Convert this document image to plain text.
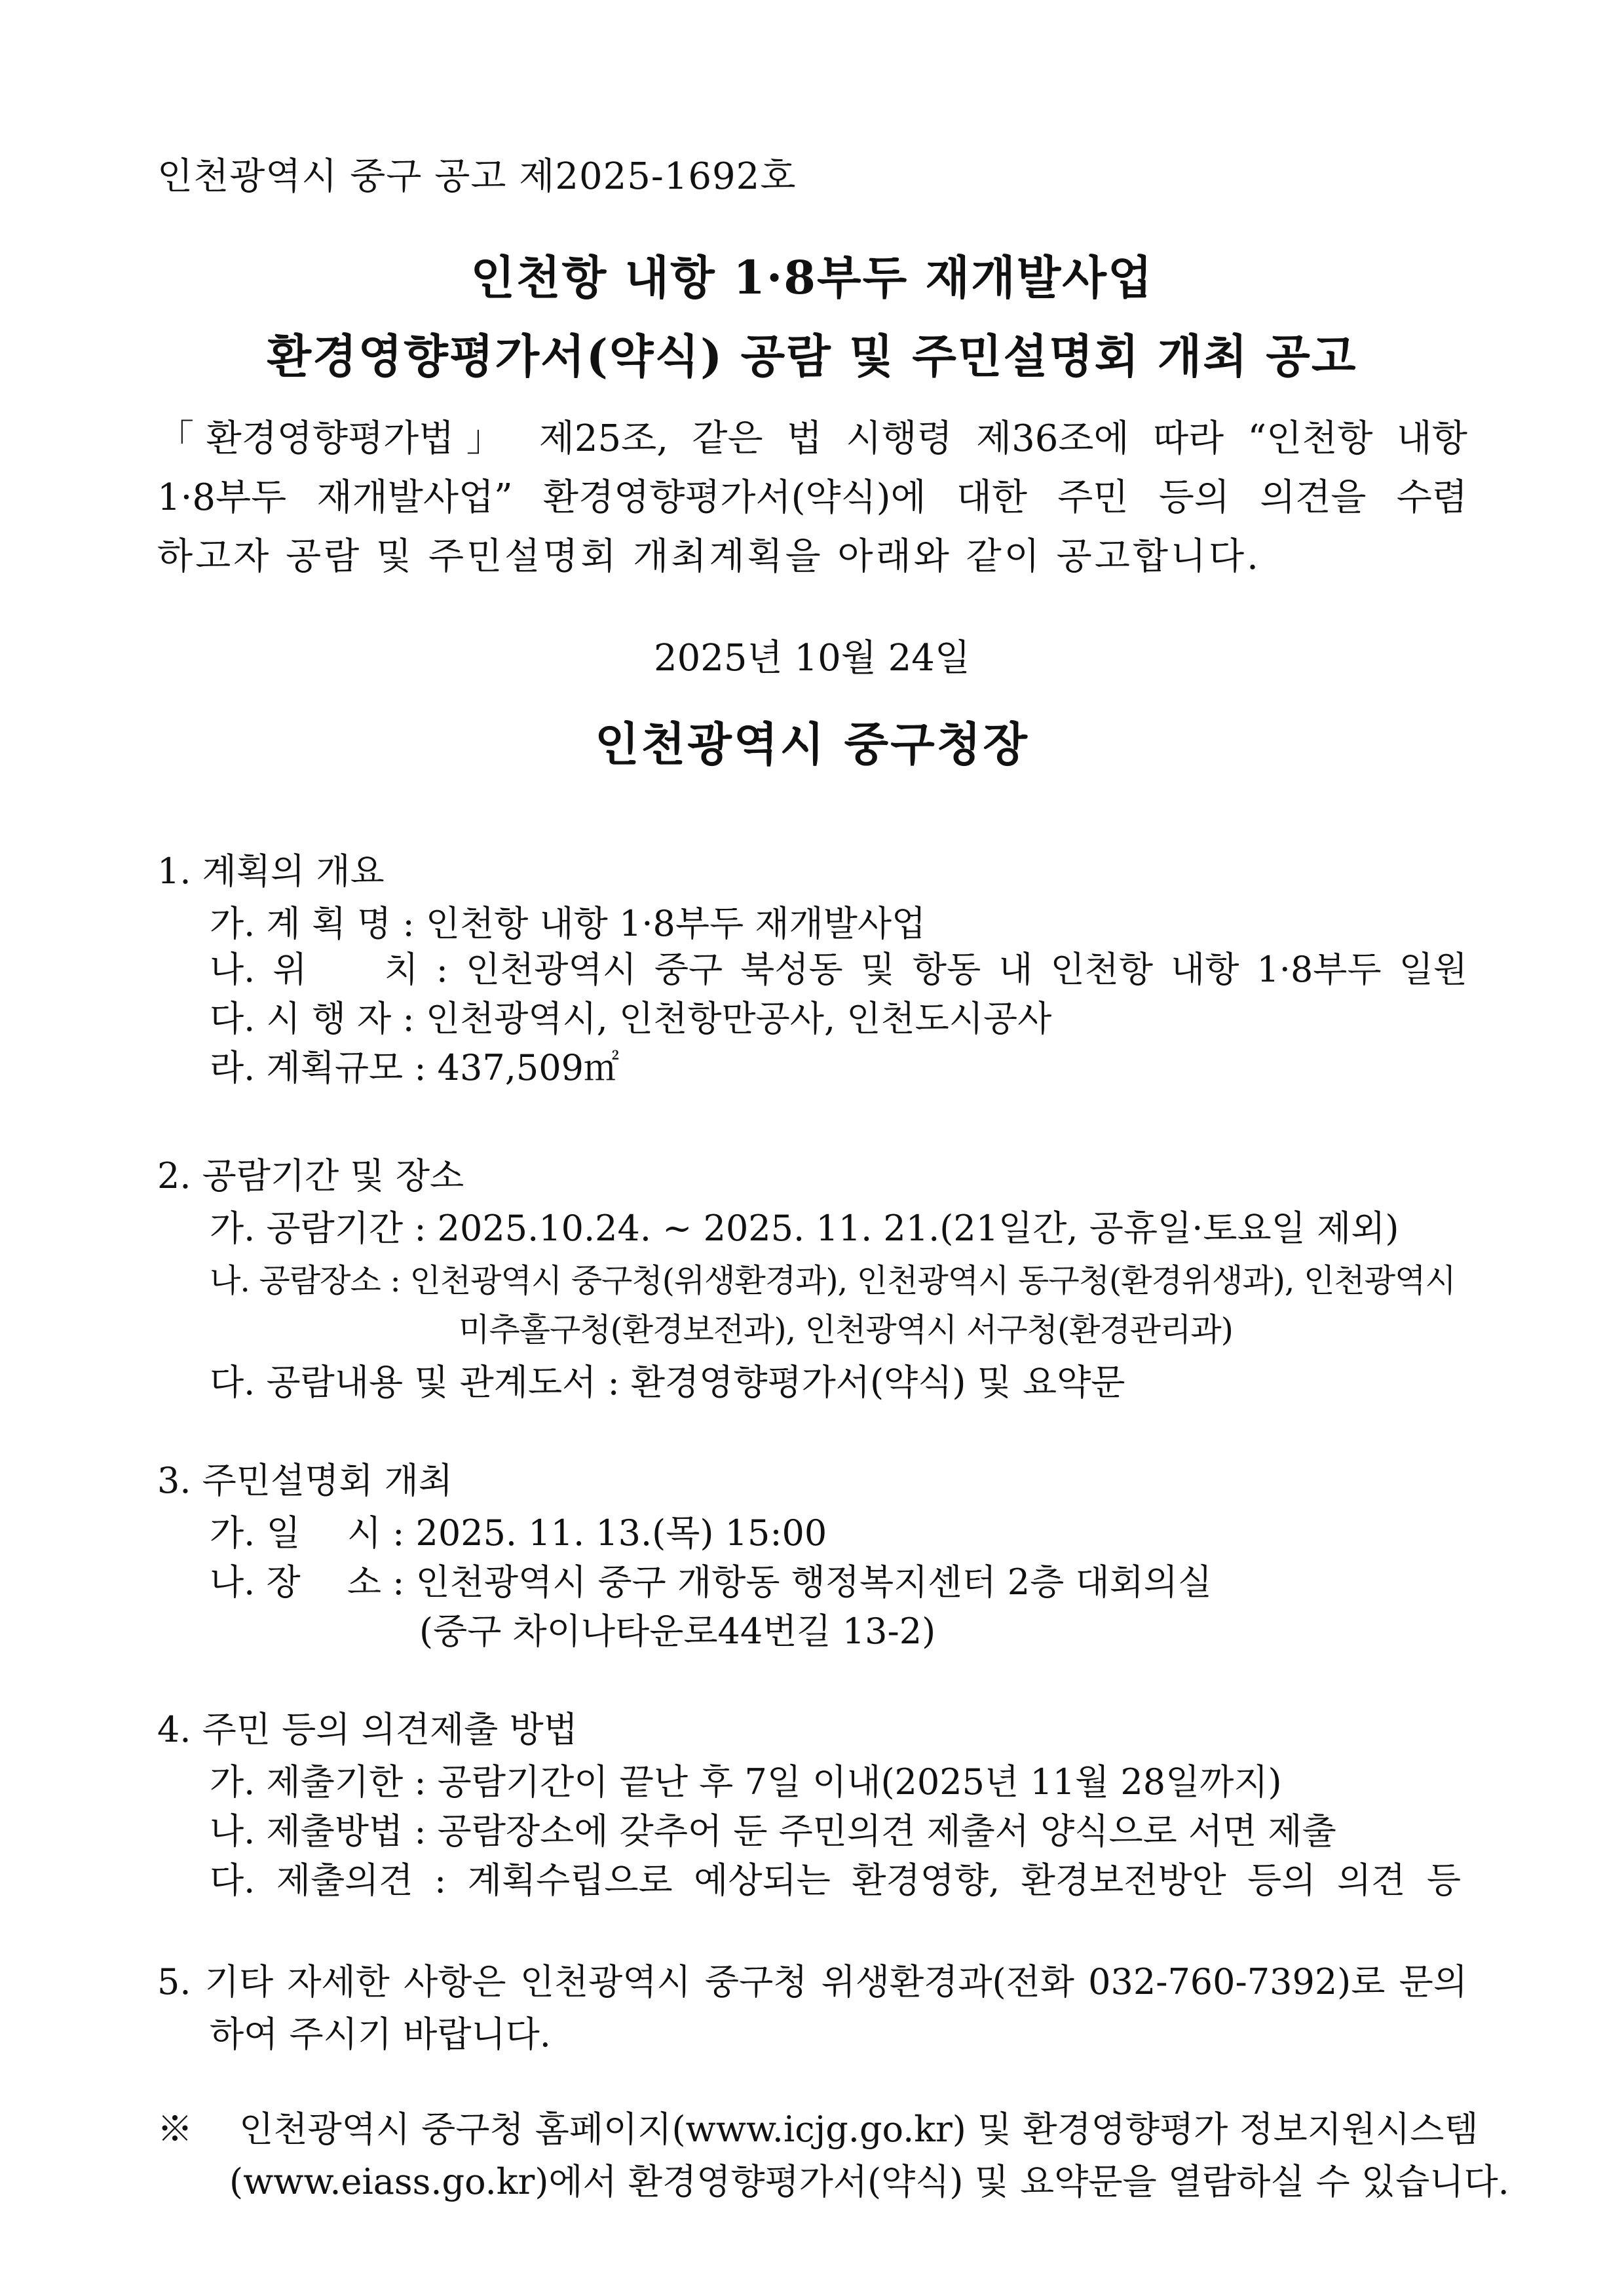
인천광역시 중구 공고 제2025-1692호
인천항 내항 1·8부두 재개발사업
환경영향평가서(약식) 공람 및 주민설명회 개최 공고
「환경영향평가법」 제25조, 같은 법 시행령 제36조에 따라 “인천항 내항
1·8부두 재개발사업” 환경영향평가서(약식)에 대한 주민 등의 의견을 수렴
하고자 공람 및 주민설명회 개최계획을 아래와 같이 공고합니다.
2025년 10월 24일
인천광역시 중구청장
1. 계획의 개요
가. 계 획 명 : 인천항 내항 1·8부두 재개발사업
나. 위 　 치 : 인천광역시 중구 북성동 및 항동 내 인천항 내항 1·8부두 일원
다. 시 행 자 : 인천광역시, 인천항만공사, 인천도시공사
라. 계획규모 : 437,509㎡
2. 공람기간 및 장소
가. 공람기간 : 2025.10.24. ~ 2025. 11. 21.(21일간, 공휴일·토요일 제외)
나. 공람장소 : 인천광역시 중구청(위생환경과), 인천광역시 동구청(환경위생과), 인천광역시
미추홀구청(환경보전과), 인천광역시 서구청(환경관리과)
다. 공람내용 및 관계도서 : 환경영향평가서(약식) 및 요약문
3. 주민설명회 개최
가. 일 　시 : 2025. 11. 13.(목) 15:00
나. 장 　소 : 인천광역시 중구 개항동 행정복지센터 2층 대회의실
(중구 차이나타운로44번길 13-2)
4. 주민 등의 의견제출 방법
가. 제출기한 : 공람기간이 끝난 후 7일 이내(2025년 11월 28일까지)
나. 제출방법 : 공람장소에 갖추어 둔 주민의견 제출서 양식으로 서면 제출
다. 제출의견 : 계획수립으로 예상되는 환경영향, 환경보전방안 등의 의견 등
5. 기타 자세한 사항은 인천광역시 중구청 위생환경과(전화 032-760-7392)로 문의
하여 주시기 바랍니다.
※ 　인천광역시 중구청 홈페이지(www.icjg.go.kr) 및 환경영향평가 정보지원시스템
(www.eiass.go.kr)에서 환경영향평가서(약식) 및 요약문을 열람하실 수 있습니다.
